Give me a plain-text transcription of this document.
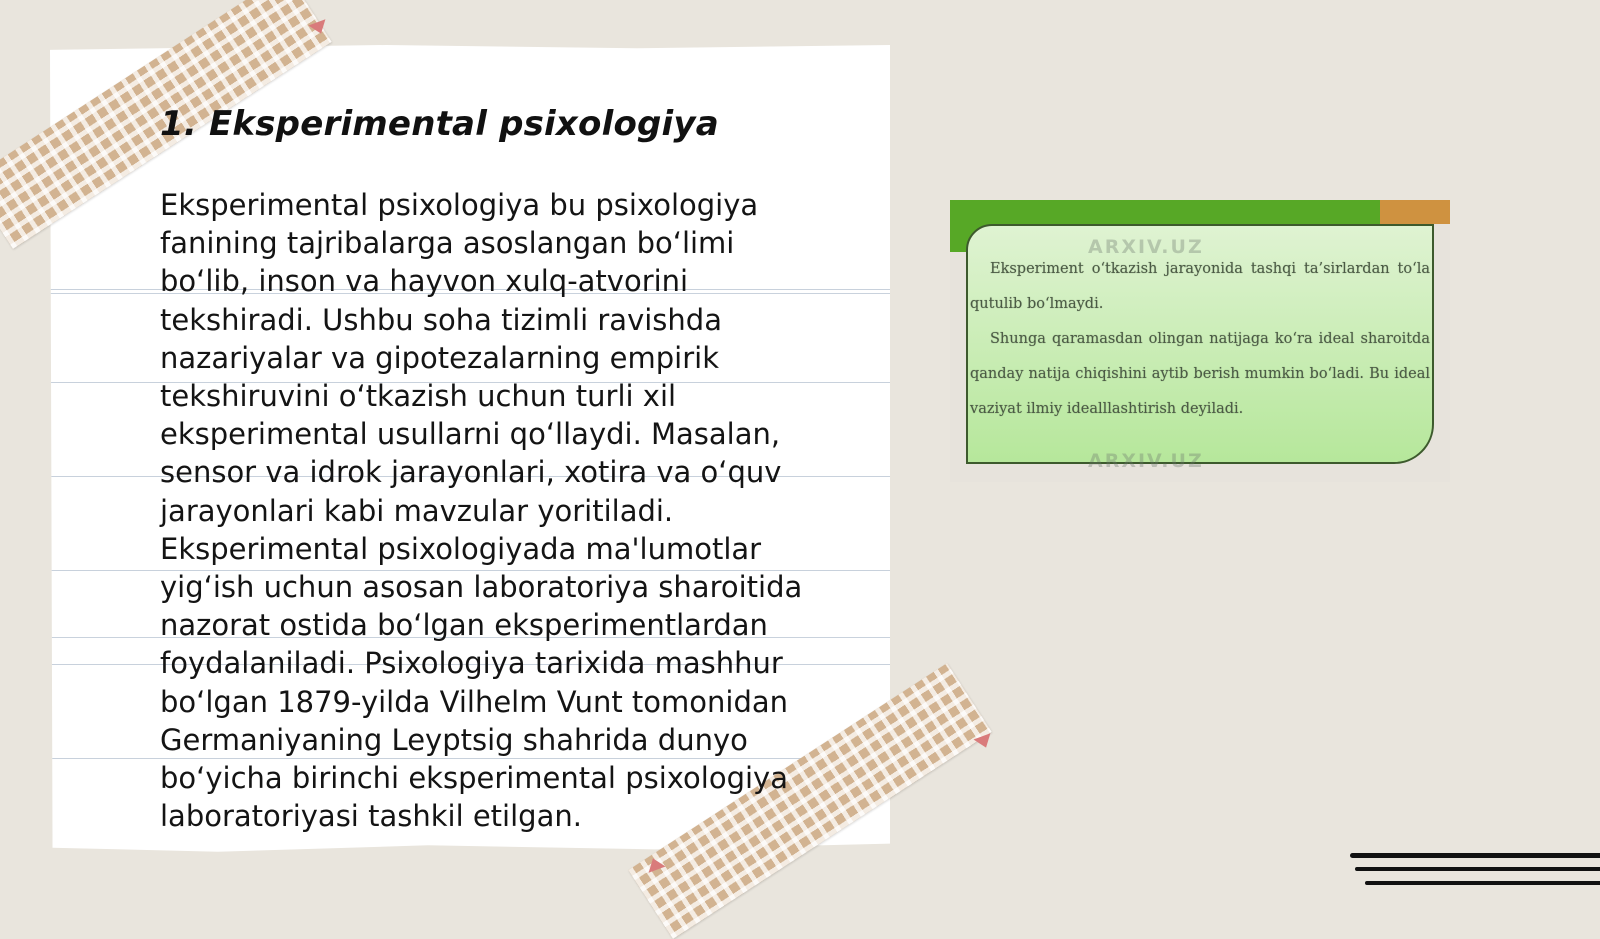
1. Eksperimental psixologiya

Eksperimental psixologiya bu psixologiya fanining tajribalarga asoslangan bo‘limi bo‘lib, inson va hayvon xulq-atvorini tekshiradi. Ushbu soha tizimli ravishda nazariyalar va gipotezalarning empirik tekshiruvini o‘tkazish uchun turli xil eksperimental usullarni qo‘llaydi. Masalan, sensor va idrok jarayonlari, xotira va o‘quv jarayonlari kabi mavzular yoritiladi. Eksperimental psixologiyada ma'lumotlar yig‘ish uchun asosan laboratoriya sharoitida nazorat ostida bo‘lgan eksperimentlardan foydalaniladi. Psixologiya tarixida mashhur bo‘lgan 1879-yilda Vilhelm Vunt tomonidan Germaniyaning Leyptsig shahrida dunyo bo‘yicha birinchi eksperimental psixologiya laboratoriyasi tashkil etilgan.

ARXIV.UZ

Eksperiment o‘tkazish jarayonida tashqi ta’sirlardan to‘la qutulib bo‘lmaydi.

Shunga qaramasdan olingan natijaga ko‘ra ideal sharoitda qanday natija chiqishini aytib berish mumkin bo‘ladi. Bu ideal vaziyat ilmiy idealllashtirish deyiladi.

ARXIV.UZ
